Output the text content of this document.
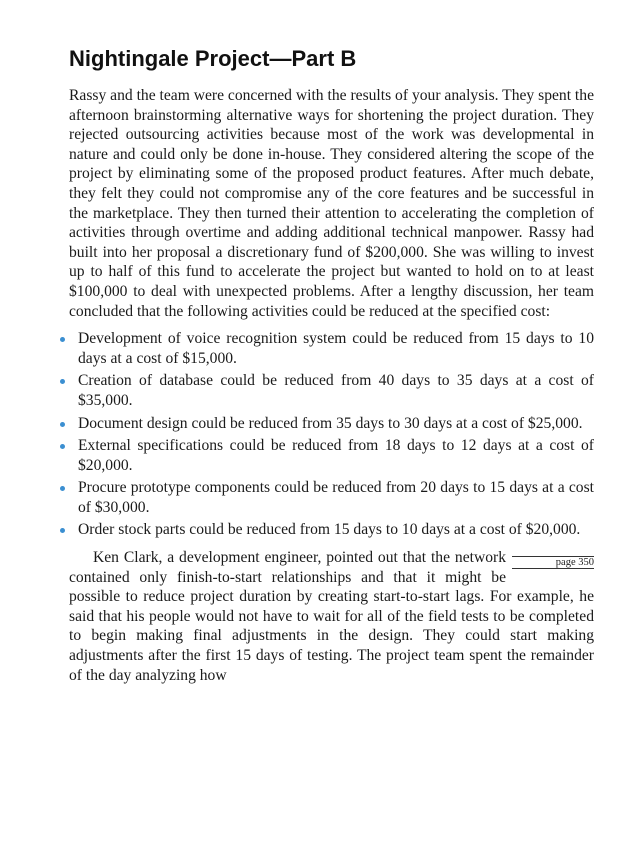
Nightingale Project—Part B

Rassy and the team were concerned with the results of your analysis. They spent the afternoon brainstorming alternative ways for shortening the project duration. They rejected outsourcing activities because most of the work was developmental in nature and could only be done in-house. They considered altering the scope of the project by eliminating some of the proposed product features. After much debate, they felt they could not compromise any of the core features and be successful in the marketplace. They then turned their attention to accelerating the completion of activities through overtime and adding additional technical manpower. Rassy had built into her proposal a discretionary fund of $200,000. She was willing to invest up to half of this fund to accelerate the project but wanted to hold on to at least $100,000 to deal with unexpected problems. After a lengthy discussion, her team concluded that the following activities could be reduced at the specified cost:

Development of voice recognition system could be reduced from 15 days to 10 days at a cost of $15,000.
Creation of database could be reduced from 40 days to 35 days at a cost of $35,000.
Document design could be reduced from 35 days to 30 days at a cost of $25,000.
External specifications could be reduced from 18 days to 12 days at a cost of $20,000.
Procure prototype components could be reduced from 20 days to 15 days at a cost of $30,000.
Order stock parts could be reduced from 15 days to 10 days at a cost of $20,000.

page 350
Ken Clark, a development engineer, pointed out that the network contained only finish-to-start relationships and that it might be possible to reduce project duration by creating start-to-start lags. For example, he said that his people would not have to wait for all of the field tests to be completed to begin making final adjustments in the design. They could start making adjustments after the first 15 days of testing. The project team spent the remainder of the day analyzing how
